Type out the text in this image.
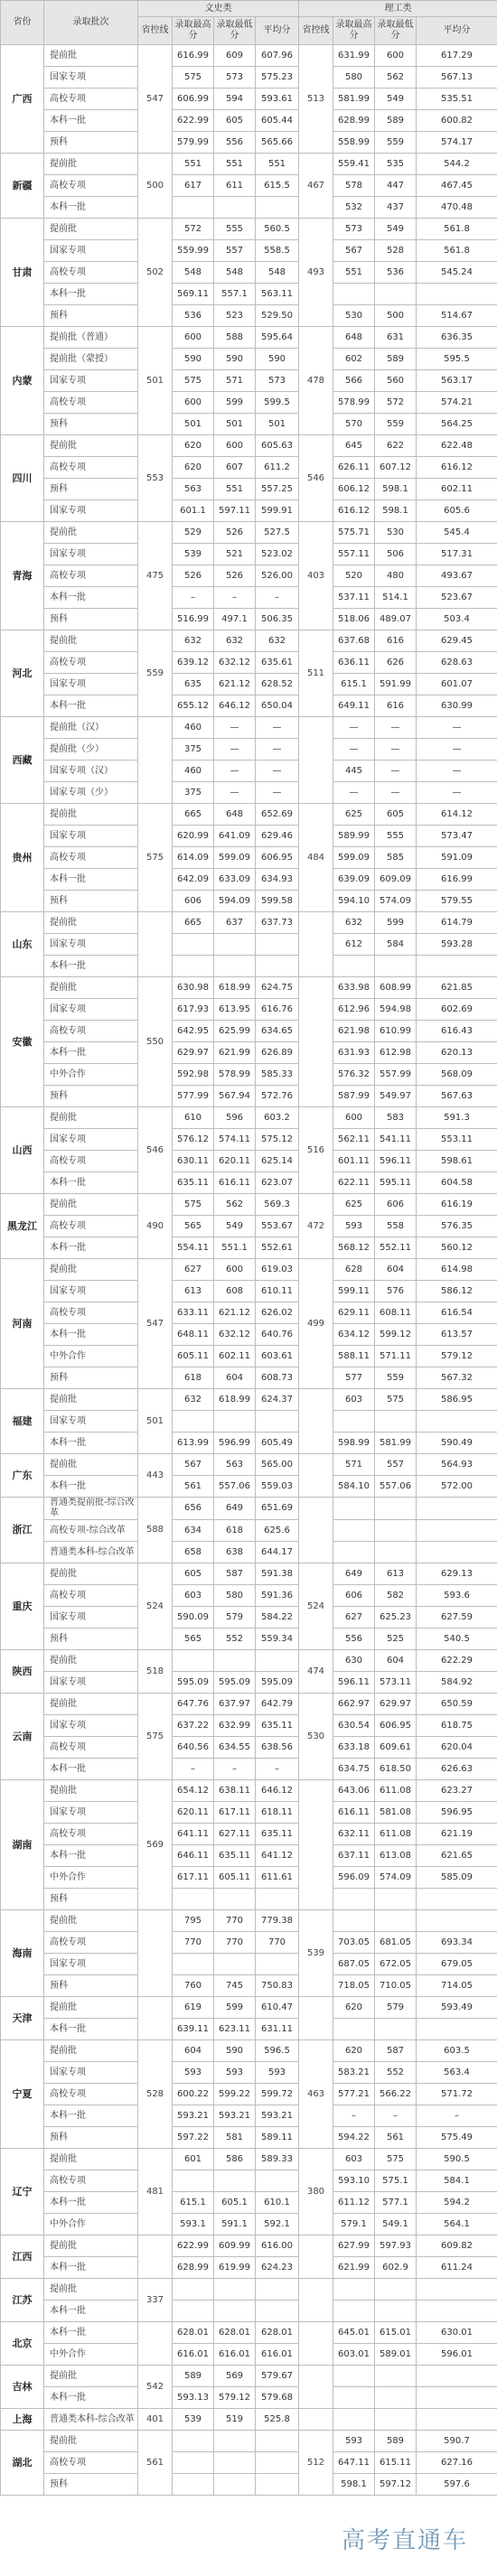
省份	录取批次	文史类				理工类			
		省控线	录取最高分	录取最低分	平均分	省控线	录取最高分	录取最低分	平均分
广西	提前批	547	616.99	609	607.96	513	631.99	600	617.29
	国家专项		575	573	575.23		580	562	567.13
	高校专项		606.99	594	593.61		581.99	549	535.51
	本科一批		622.99	605	605.44		628.99	589	600.82
	预科		579.99	556	565.66		558.99	559	574.17
新疆	提前批	500	551	551	551	467	559.41	535	544.2
	高校专项		617	611	615.5		578	447	467.45
	本科一批						532	437	470.48
甘肃	提前批	502	572	555	560.5	493	573	549	561.8
	国家专项		559.99	557	558.5		567	528	561.8
	高校专项		548	548	548		551	536	545.24
	本科一批		569.11	557.1	563.11				
	预科		536	523	529.50		530	500	514.67
内蒙	提前批（普通）	501	600	588	595.64	478	648	631	636.35
	提前批（蒙授）		590	590	590		602	589	595.5
	国家专项		575	571	573		566	560	563.17
	高校专项		600	599	599.5		578.99	572	574.21
	预科		501	501	501		570	559	564.25
四川	提前批	553	620	600	605.63	546	645	622	622.48
	高校专项		620	607	611.2		626.11	607.12	616.12
	预科		563	551	557.25		606.12	598.1	602.11
	国家专项		601.1	597.11	599.91		616.12	598.1	605.6
青海	提前批	475	529	526	527.5	403	575.71	530	545.4
	国家专项		539	521	523.02		557.11	506	517.31
	高校专项		526	526	526.00		520	480	493.67
	本科一批		–	–	–		537.11	514.1	523.67
	预科		516.99	497.1	506.35		518.06	489.07	503.4
河北	提前批	559	632	632	632	511	637.68	616	629.45
	高校专项		639.12	632.12	635.61		636.11	626	628.63
	国家专项		635	621.12	628.52		615.1	591.99	601.07
	本科一批		655.12	646.12	650.04		649.11	616	630.99
西藏	提前批（汉）		460	—	—		—	—	—
	提前批（少）		375	—	—		—	—	—
	国家专项（汉）		460	—	—		445	—	—
	国家专项（少）		375	—	—		—	—	—
贵州	提前批	575	665	648	652.69	484	625	605	614.12
	国家专项		620.99	641.09	629.46		589.99	555	573.47
	高校专项		614.09	599.09	606.95		599.09	585	591.09
	本科一批		642.09	633.09	634.93		639.09	609.09	616.99
	预科		606	594.09	599.58		594.10	574.09	579.55
山东	提前批		665	637	637.73		632	599	614.79
	国家专项						612	584	593.28
	本科一批								
安徽	提前批	550	630.98	618.99	624.75		633.98	608.99	621.85
	国家专项		617.93	613.95	616.76		612.96	594.98	602.69
	高校专项		642.95	625.99	634.65		621.98	610.99	616.43
	本科一批		629.97	621.99	626.89		631.93	612.98	620.13
	中外合作		592.98	578.99	585.33		576.32	557.99	568.09
	预科		577.99	567.94	572.76		587.99	549.97	567.63
山西	提前批	546	610	596	603.2	516	600	583	591.3
	国家专项		576.12	574.11	575.12		562.11	541.11	553.11
	高校专项		630.11	620.11	625.14		601.11	596.11	598.61
	本科一批		635.11	616.11	623.07		622.11	595.11	604.58
黑龙江	提前批	490	575	562	569.3	472	625	606	616.19
	高校专项		565	549	553.67		593	558	576.35
	本科一批		554.11	551.1	552.61		568.12	552.11	560.12
河南	提前批	547	627	600	619.03	499	628	604	614.98
	国家专项		613	608	610.11		599.11	576	586.12
	高校专项		633.11	621.12	626.02		629.11	608.11	616.54
	本科一批		648.11	632.12	640.76		634.12	599.12	613.57
	中外合作		605.11	602.11	603.61		588.11	571.11	579.12
	预科		618	604	608.73		577	559	567.32
福建	提前批	501	632	618.99	624.37		603	575	586.95
	国家专项								
	本科一批		613.99	596.99	605.49		598.99	581.99	590.49
广东	提前批	443	567	563	565.00		571	557	564.93
	本科一批		561	557.06	559.03		584.10	557.06	572.00
浙江	普通类提前批-综合改革	588	656	649	651.69				
	高校专项-综合改革		634	618	625.6				
	普通类本科-综合改革		658	638	644.17				
重庆	提前批	524	605	587	591.38	524	649	613	629.13
	高校专项		603	580	591.36		606	582	593.6
	国家专项		590.09	579	584.22		627	625.23	627.59
	预科		565	552	559.34		556	525	540.5
陕西	提前批	518				474	630	604	622.29
	国家专项		595.09	595.09	595.09		596.11	573.11	584.92
云南	提前批	575	647.76	637.97	642.79	530	662.97	629.97	650.59
	国家专项		637.22	632.99	635.11		630.54	606.95	618.75
	高校专项		640.56	634.55	638.56		633.18	609.61	620.04
	本科一批		–	–	–		634.75	618.50	626.63
湖南	提前批	569	654.12	638.11	646.12		643.06	611.08	623.27
	国家专项		620.11	617.11	618.11		616.11	581.08	596.95
	高校专项		641.11	627.11	635.11		632.11	611.08	621.19
	本科一批		646.11	635.11	641.12		637.11	613.08	621.65
	中外合作		617.11	605.11	611.61		596.09	574.09	585.09
	预科								
海南	提前批		795	770	779.38	539			
	高校专项		770	770	770		703.05	681.05	693.34
	国家专项						687.05	672.05	679.05
	预科		760	745	750.83		718.05	710.05	714.05
天津	提前批		619	599	610.47		620	579	593.49
	本科一批		639.11	623.11	631.11				
宁夏	提前批	528	604	590	596.5	463	620	587	603.5
	国家专项		593	593	593		583.21	552	563.4
	高校专项		600.22	599.22	599.72		577.21	566.22	571.72
	本科一批		593.21	593.21	593.21		–	–	–
	预科		597.22	581	589.11		594.22	561	575.49
辽宁	提前批	481	601	586	589.33	380	603	575	590.5
	高校专项						593.10	575.1	584.1
	本科一批		615.1	605.1	610.1		611.12	577.1	594.2
	中外合作		593.1	591.1	592.1		579.1	549.1	564.1
江西	提前批		622.99	609.99	616.00		627.99	597.93	609.82
	本科一批		628.99	619.99	624.23		621.99	602.9	611.24
江苏	提前批	337							
	本科一批								
北京	本科一批		628.01	628.01	628.01		645.01	615.01	630.01
	中外合作		616.01	616.01	616.01		603.01	589.01	596.01
吉林	提前批	542	589	569	579.67				
	本科一批		593.13	579.12	579.68				
上海	普通类本科-综合改革	401	539	519	525.8				
湖北	提前批	561				512	593	589	590.7
	高校专项						647.11	615.11	627.16
	预科						598.1	597.12	597.6
高考直通车
